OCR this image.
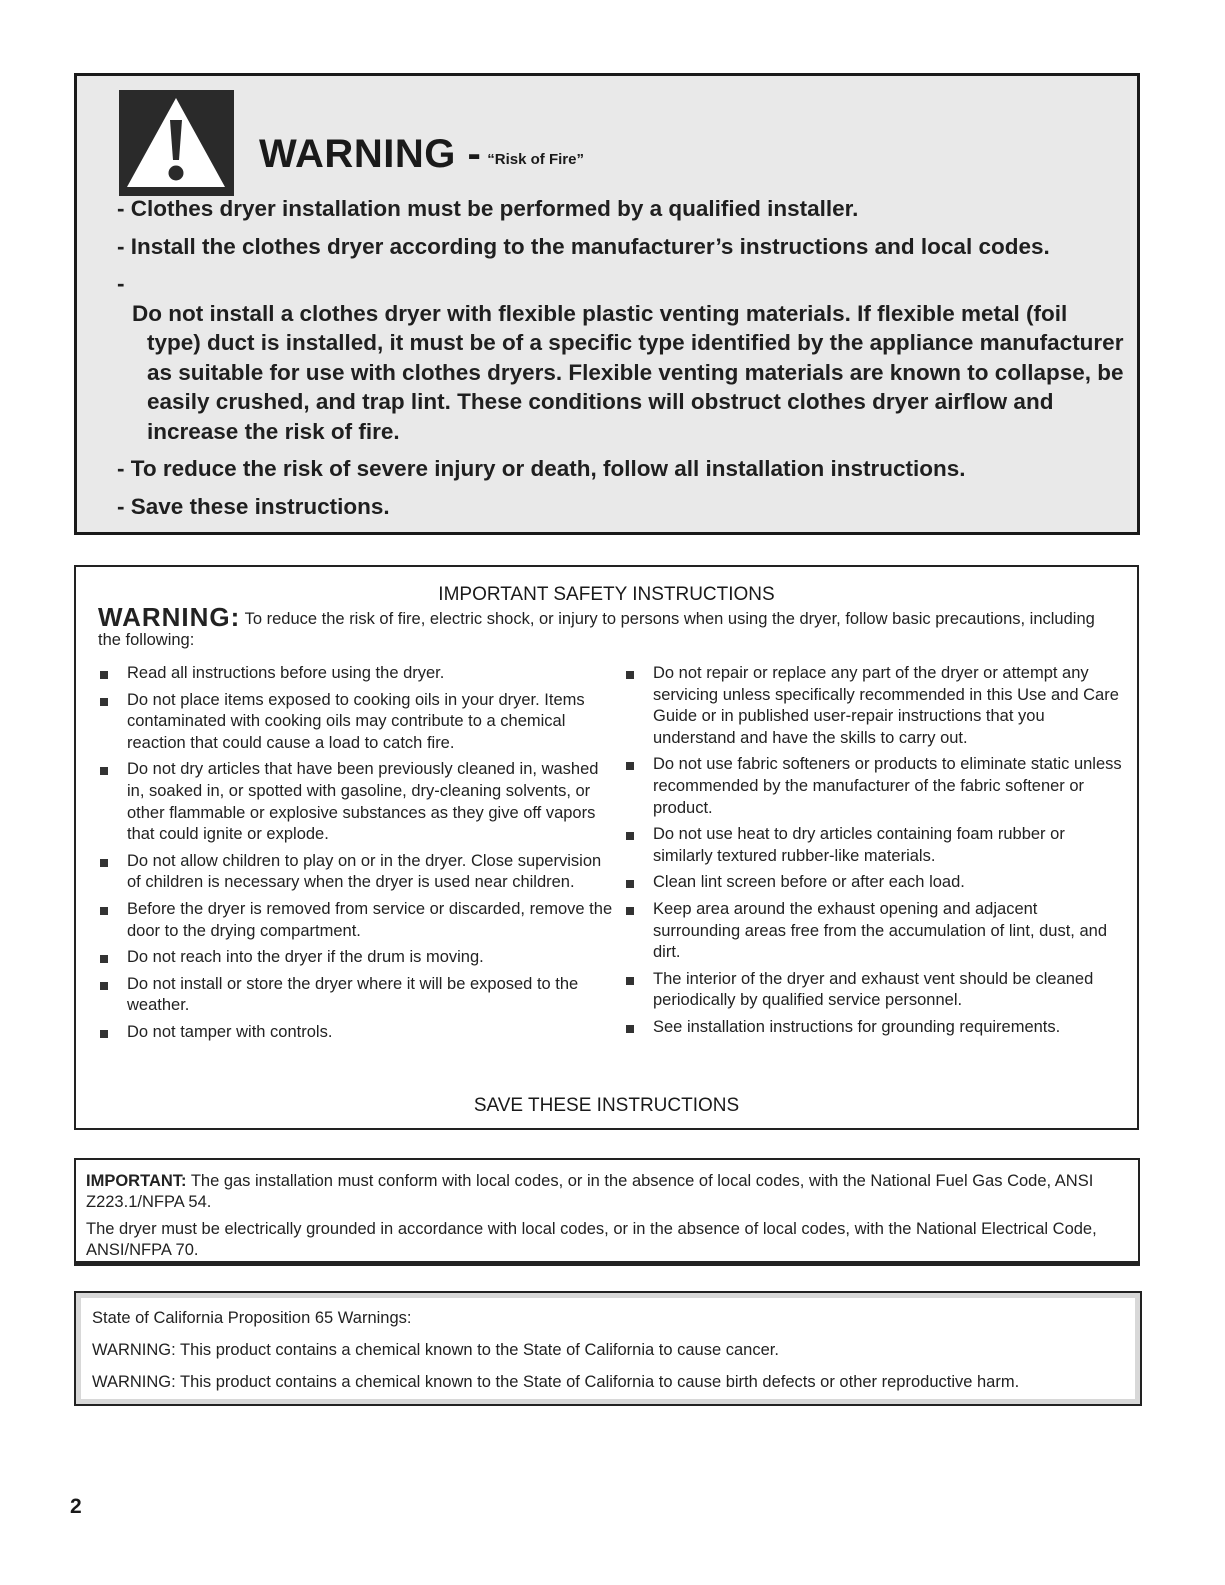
WARNING - “Risk of Fire”
- Clothes dryer installation must be performed by a qualified installer.
- Install the clothes dryer according to the manufacturer’s instructions and local codes.
-
Do not install a clothes dryer with flexible plastic venting materials. If flexible metal (foil type) duct is installed, it must be of a specific type identified by the appliance manufacturer as suitable for use with clothes dryers. Flexible venting materials are known to collapse, be easily crushed, and trap lint. These conditions will obstruct clothes dryer airflow and increase the risk of fire.
- To reduce the risk of severe injury or death, follow all installation instructions.
- Save these instructions.
IMPORTANT SAFETY INSTRUCTIONS

WARNING: To reduce the risk of fire, electric shock, or injury to persons when using the dryer, follow basic precautions, including the following:

Read all instructions before using the dryer.
Do not place items exposed to cooking oils in your dryer. Items contaminated with cooking oils may contribute to a chemical reaction that could cause a load to catch fire.
Do not dry articles that have been previously cleaned in, washed in, soaked in, or spotted with gasoline, dry-cleaning solvents, or other flammable or explosive substances as they give off vapors that could ignite or explode.
Do not allow children to play on or in the dryer. Close supervision of children is necessary when the dryer is used near children.
Before the dryer is removed from service or discarded, remove the door to the drying compartment.
Do not reach into the dryer if the drum is moving.
Do not install or store the dryer where it will be exposed to the weather.
Do not tamper with controls.
Do not repair or replace any part of the dryer or attempt any servicing unless specifically recommended in this Use and Care Guide or in published user-repair instructions that you understand and have the skills to carry out.
Do not use fabric softeners or products to eliminate static unless recommended by the manufacturer of the fabric softener or product.
Do not use heat to dry articles containing foam rubber or similarly textured rubber-like materials.
Clean lint screen before or after each load.
Keep area around the exhaust opening and adjacent surrounding areas free from the accumulation of lint, dust, and dirt.
The interior of the dryer and exhaust vent should be cleaned periodically by qualified service personnel.
See installation instructions for grounding requirements.
SAVE THESE INSTRUCTIONS

IMPORTANT: The gas installation must conform with local codes, or in the absence of local codes, with the National Fuel Gas Code, ANSI Z223.1/NFPA 54.

The dryer must be electrically grounded in accordance with local codes, or in the absence of local codes, with the National Electrical Code, ANSI/NFPA 70.

State of California Proposition 65 Warnings:

WARNING: This product contains a chemical known to the State of California to cause cancer.

WARNING: This product contains a chemical known to the State of California to cause birth defects or other reproductive harm.

2
